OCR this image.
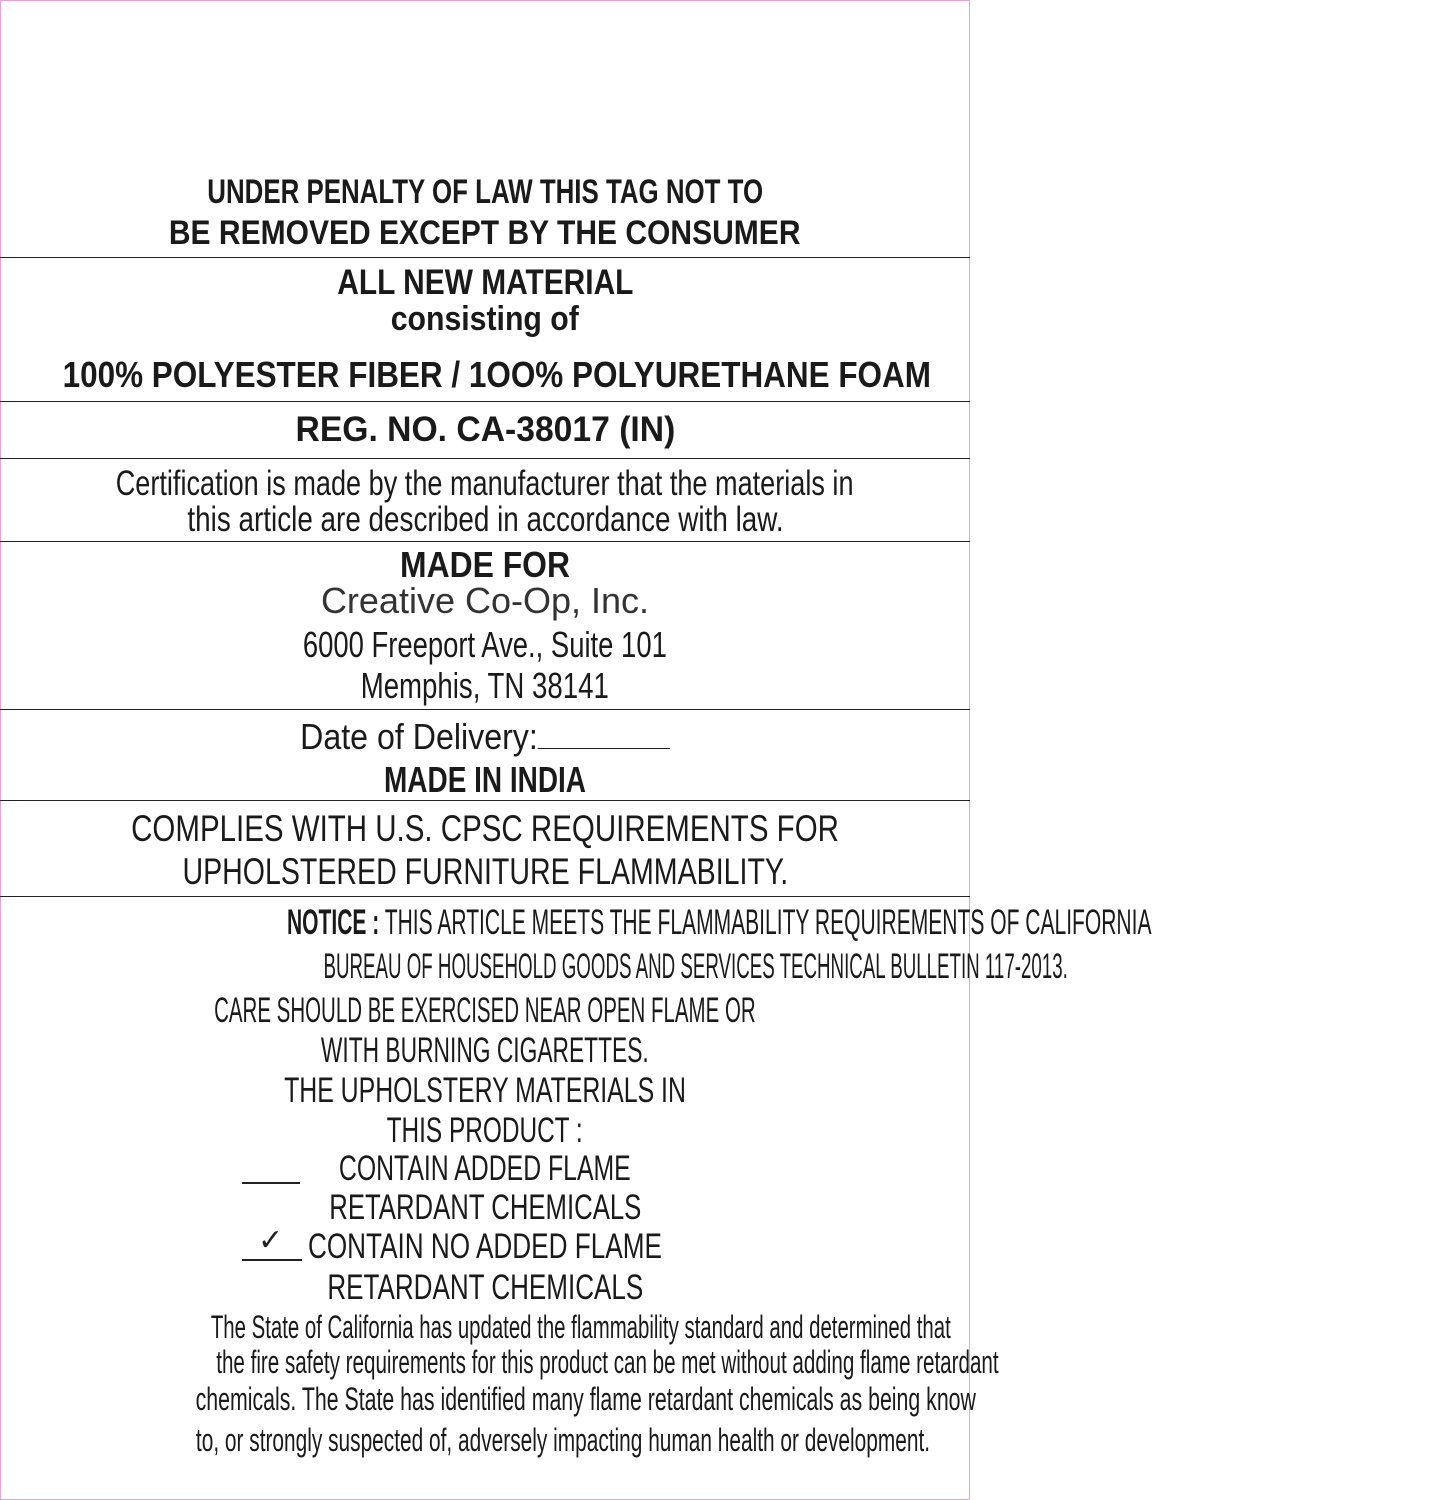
UNDER PENALTY OF LAW THIS TAG NOT TO
BE REMOVED EXCEPT BY THE CONSUMER
ALL NEW MATERIAL
consisting of
100% POLYESTER FIBER / 1OO% POLYURETHANE FOAM
REG. NO. CA-38017 (IN)
Certification is made by the manufacturer that the materials in
this article are described in accordance with law.
MADE FOR
Creative Co-Op, Inc.
6000 Freeport Ave., Suite 101
Memphis, TN 38141
Date of Delivery:
MADE IN INDIA
COMPLIES WITH U.S. CPSC REQUIREMENTS FOR
UPHOLSTERED FURNITURE FLAMMABILITY.
NOTICE : THIS ARTICLE MEETS THE FLAMMABILITY REQUIREMENTS OF CALIFORNIA
BUREAU OF HOUSEHOLD GOODS AND SERVICES TECHNICAL BULLETIN 117-2013.
CARE SHOULD BE EXERCISED NEAR OPEN FLAME OR
WITH BURNING CIGARETTES.
THE UPHOLSTERY MATERIALS IN
THIS PRODUCT :
CONTAIN ADDED FLAME
RETARDANT CHEMICALS
✓ CONTAIN NO ADDED FLAME
RETARDANT CHEMICALS
The State of California has updated the flammability standard and determined that
the fire safety requirements for this product can be met without adding flame retardant
chemicals. The State has identified many flame retardant chemicals as being know
to, or strongly suspected of, adversely impacting human health or development.
